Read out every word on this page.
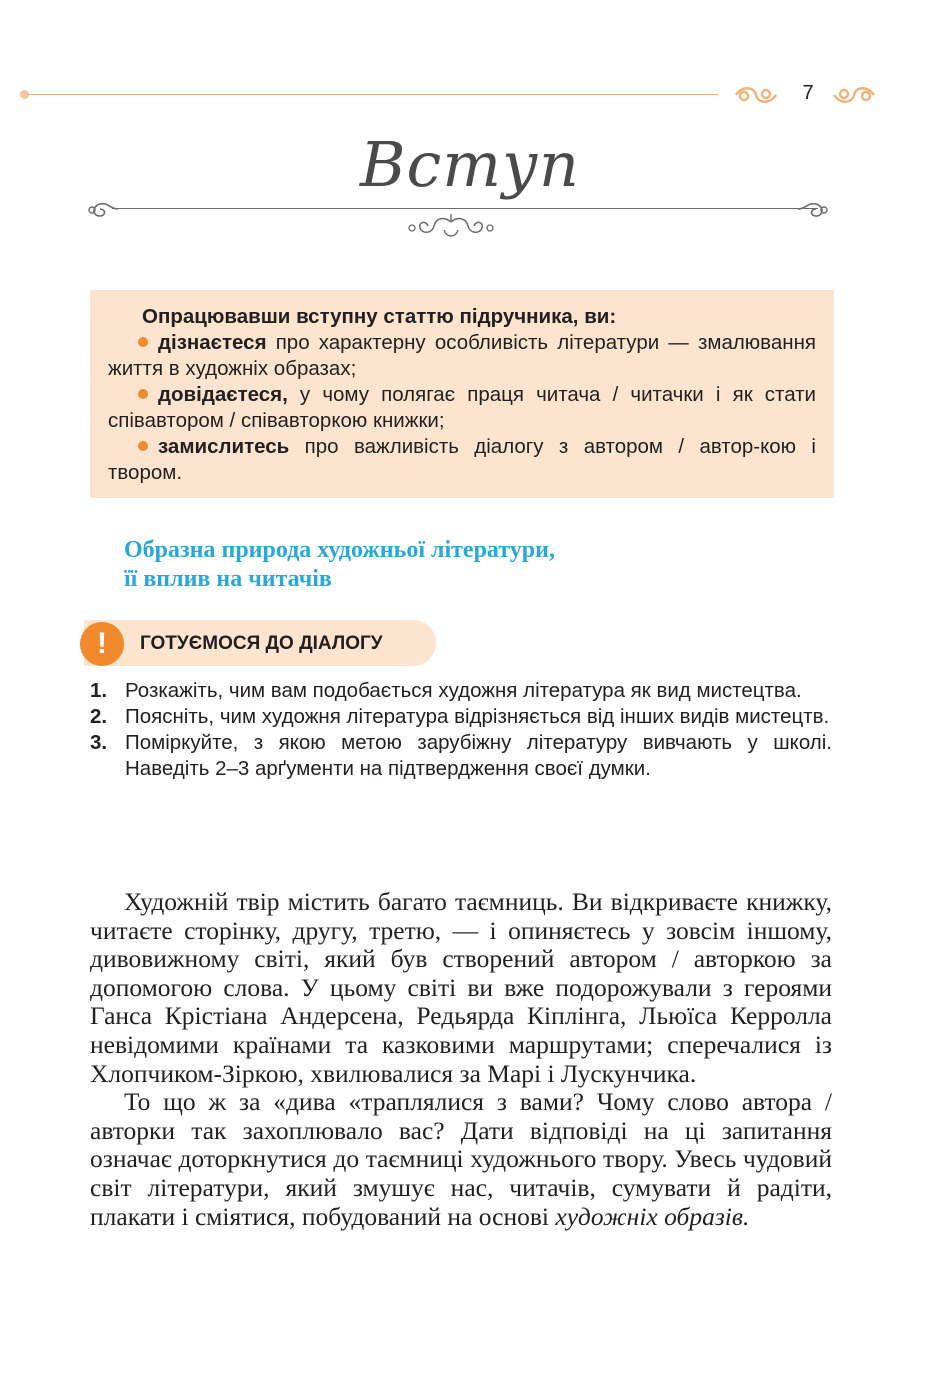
7
Вступ
Опрацювавши вступну статтю підручника, ви:
дізнаєтеся про характерну особливість літератури — змалювання життя в художніх образах;
довідаєтеся, у чому полягає праця читача / читачки і як стати співавтором / співавторкою книжки;
замислитесь про важливість діалогу з автором / автор-кою і твором.
Образна природа художньої літератури,
її вплив на читачів
!	ГОТУЄМОСЯ ДО ДІАЛОГУ
1. Розкажіть, чим вам подобається художня література як вид мистецтва.
2. Поясніть, чим художня література відрізняється від інших видів мистецтв.
3. Поміркуйте, з якою метою зарубіжну літературу вивчають у школі. Наведіть 2–3 арґументи на підтвердження своєї думки.

Художній твір містить багато таємниць. Ви відкриваєте книжку, читаєте сторінку, другу, третю, — і опиняєтесь у зовсім іншому, дивовижному світі, який був створений автором / авторкою за допомогою слова. У цьому світі ви вже подорожували з героями Ганса Крістіана Андерсена, Редьярда Кіплінга, Льюїса Керролла невідомими країнами та казковими маршрутами; сперечалися із Хлопчиком-Зіркою, хвилювалися за Марі і Лускунчика.

То що ж за «дива «траплялися з вами? Чому слово автора / авторки так захоплювало вас? Дати відповіді на ці запитання означає доторкнутися до таємниці художнього твору. Увесь чудовий світ літератури, який змушує нас, читачів, сумувати й радіти, плакати і сміятися, побудований на основі художніх образів.
